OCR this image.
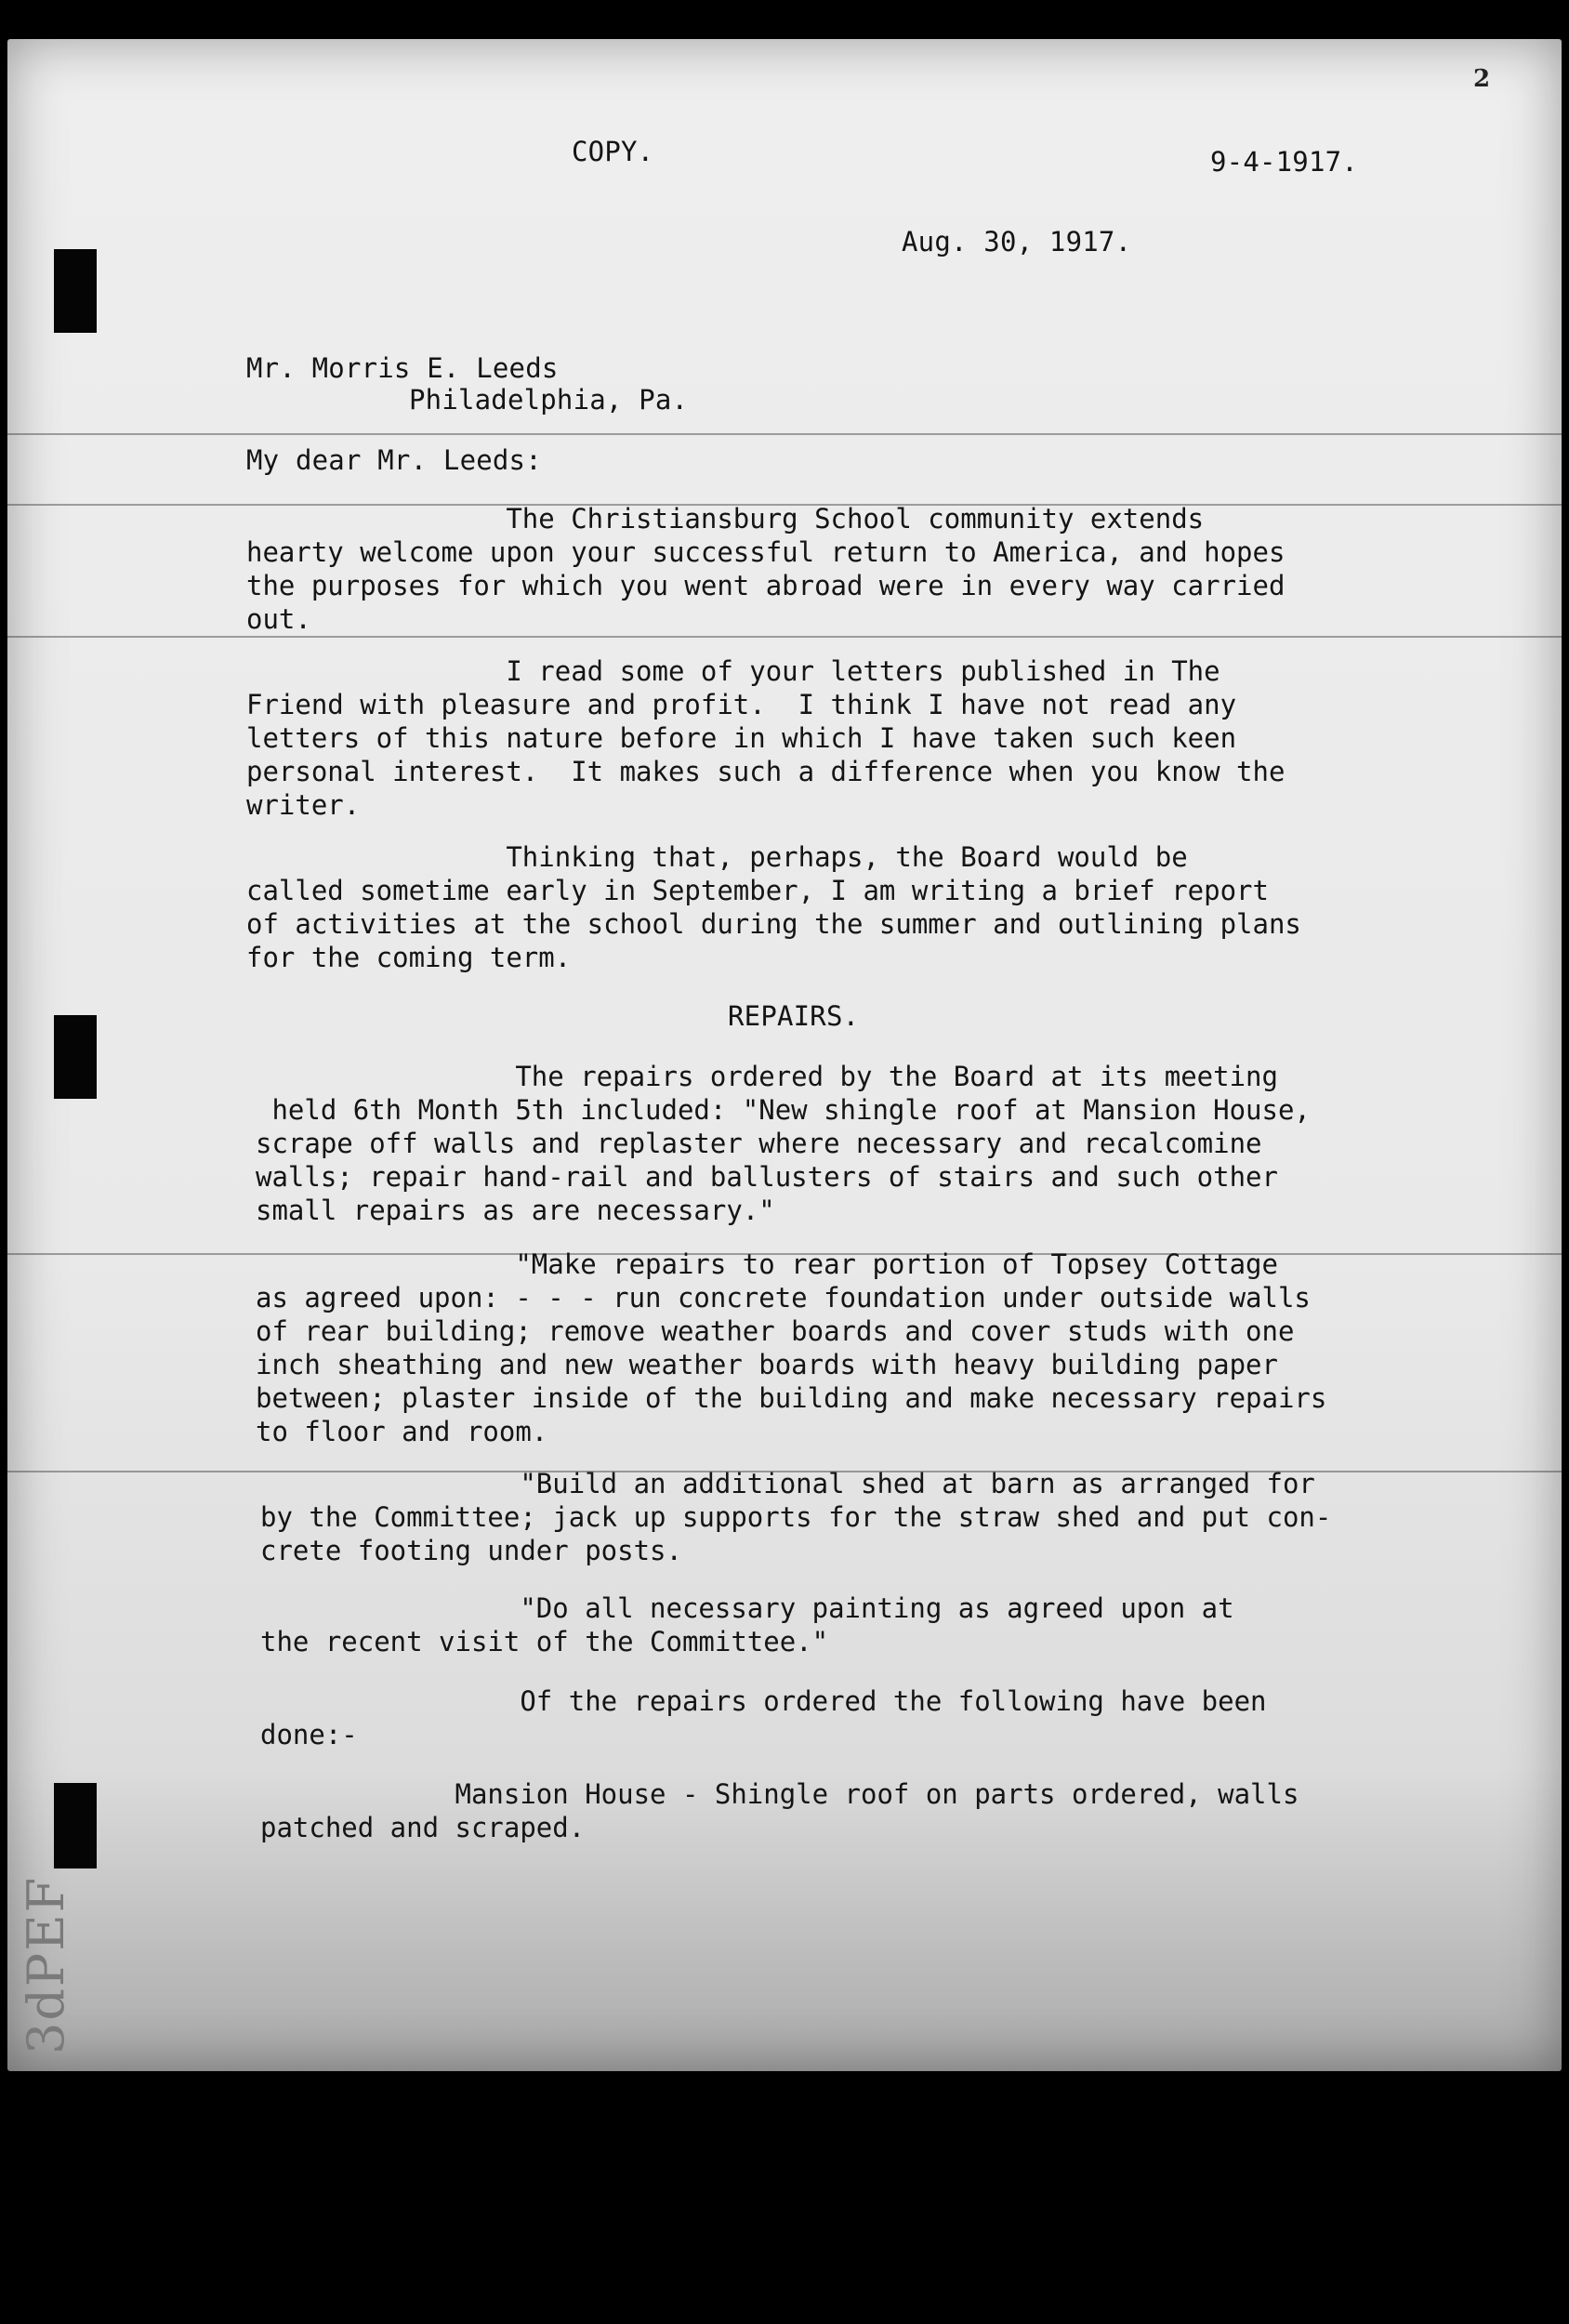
2
COPY.	9-4-1917.
Aug. 30, 1917.
Mr. Morris E. Leeds
Philadelphia, Pa.
My dear Mr. Leeds:

The Christiansburg School community extends

hearty welcome upon your successful return to America, and hopes

the purposes for which you went abroad were in every way carried

out.

I read some of your letters published in The

Friend with pleasure and profit.  I think I have not read any

letters of this nature before in which I have taken such keen

personal interest.  It makes such a difference when you know the

writer.

Thinking that, perhaps, the Board would be

called sometime early in September, I am writing a brief report

of activities at the school during the summer and outlining plans

for the coming term.

REPAIRS.

The repairs ordered by the Board at its meeting

held 6th Month 5th included: "New shingle roof at Mansion House,

scrape off walls and replaster where necessary and recalcomine

walls; repair hand-rail and ballusters of stairs and such other

small repairs as are necessary."

"Make repairs to rear portion of Topsey Cottage

as agreed upon: - - - run concrete foundation under outside walls

of rear building; remove weather boards and cover studs with one

inch sheathing and new weather boards with heavy building paper

between; plaster inside of the building and make necessary repairs

to floor and room.

"Build an additional shed at barn as arranged for

by the Committee; jack up supports for the straw shed and put con-

crete footing under posts.

"Do all necessary painting as agreed upon at

the recent visit of the Committee."

Of the repairs ordered the following have been

done:-

Mansion House - Shingle roof on parts ordered, walls

patched and scraped.

3dPEF
